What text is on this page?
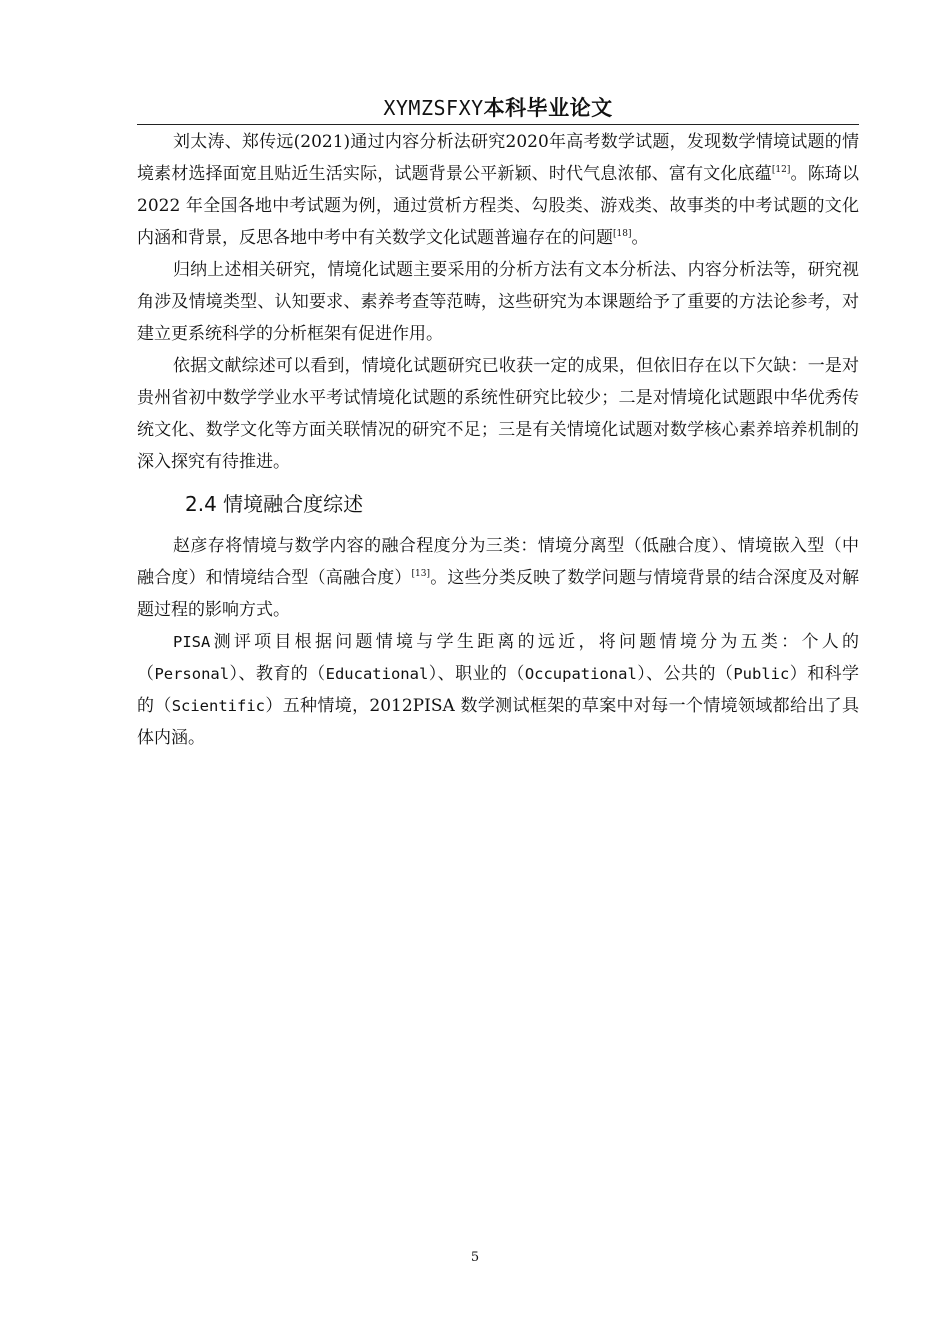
XYMZSFXY本科毕业论文

刘太涛、郑传远(2021)通过内容分析法研究2020年高考数学试题，发现数学情境试题的情境素材选择面宽且贴近生活实际，试题背景公平新颖、时代气息浓郁、富有文化底蕴[12]。陈琦以2022 年全国各地中考试题为例，通过赏析方程类、勾股类、游戏类、故事类的中考试题的文化内涵和背景，反思各地中考中有关数学文化试题普遍存在的问题[18]。

归纳上述相关研究，情境化试题主要采用的分析方法有文本分析法、内容分析法等，研究视角涉及情境类型、认知要求、素养考查等范畴，这些研究为本课题给予了重要的方法论参考，对建立更系统科学的分析框架有促进作用。

依据文献综述可以看到，情境化试题研究已收获一定的成果，但依旧存在以下欠缺：一是对贵州省初中数学学业水平考试情境化试题的系统性研究比较少；二是对情境化试题跟中华优秀传统文化、数学文化等方面关联情况的研究不足；三是有关情境化试题对数学核心素养培养机制的深入探究有待推进。

2.4 情境融合度综述

赵彦存将情境与数学内容的融合程度分为三类：情境分离型（低融合度）、情境嵌入型（中融合度）和情境结合型（高融合度）[13]。这些分类反映了数学问题与情境背景的结合深度及对解题过程的影响方式。

PISA测评项目根据问题情境与学生距离的远近，将问题情境分为五类：个人的（Personal）、教育的（Educational）、职业的（Occupational）、公共的（Public）和科学的（Scientific）五种情境，2012PISA 数学测试框架的草案中对每一个情境领域都给出了具体内涵。

5
